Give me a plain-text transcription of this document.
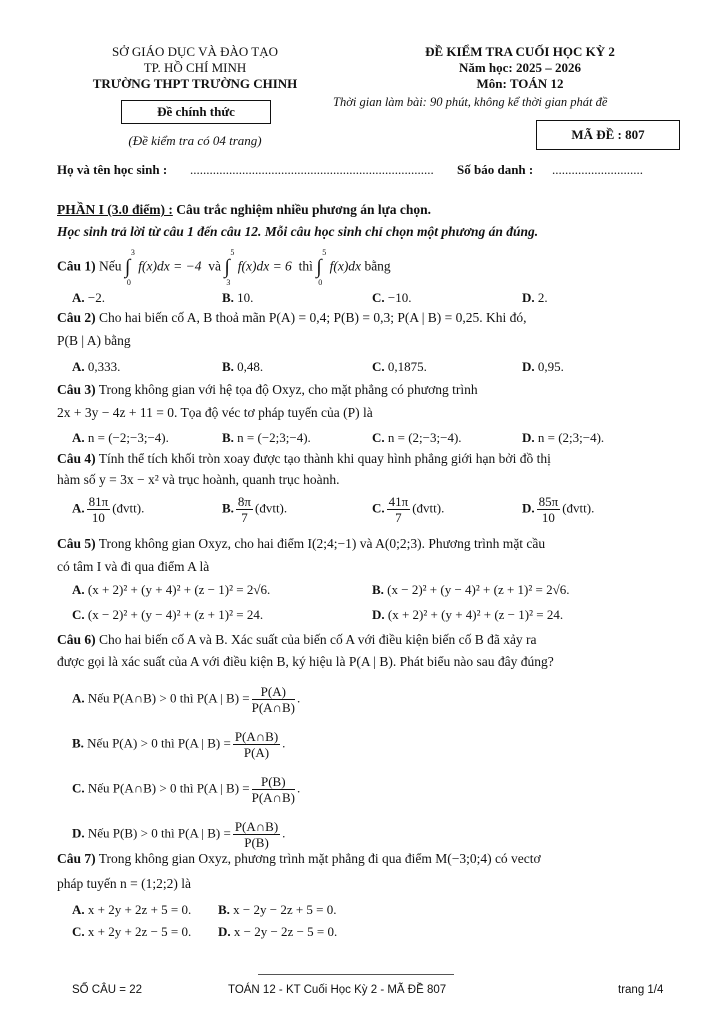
SỞ GIÁO DỤC VÀ ĐÀO TẠO
TP. HỒ CHÍ MINH
TRƯỜNG THPT TRƯỜNG CHINH
Đề chính thức
(Đề kiểm tra có 04 trang)
ĐỀ KIỂM TRA CUỐI HỌC KỲ 2
Năm học: 2025 – 2026
Môn: TOÁN 12
Thời gian làm bài: 90 phút, không kể thời gian phát đề
MÃ ĐỀ : 807
Họ và tên học sinh : ........................................................................... Số báo danh : ............................
PHẦN I (3.0 điểm) : Câu trắc nghiệm nhiều phương án lựa chọn.
Học sinh trả lời từ câu 1 đến câu 12. Mỗi câu học sinh chỉ chọn một phương án đúng.
Câu 1) Nếu ∫
3
0
f(x)dx = −4 và ∫
5
3
f(x)dx = 6 thì ∫
5
0
f(x)dx bằng
A. −2.	B. 10.	C. −10.	D. 2.
Câu 2) Cho hai biến cố A, B thoả mãn P(A) = 0,4; P(B) = 0,3; P(A | B) = 0,25. Khi đó,
P(B | A) bằng
A. 0,333.	B. 0,48.	C. 0,1875.	D. 0,95.
Câu 3) Trong không gian với hệ tọa độ Oxyz, cho mặt phẳng có phương trình
2x + 3y − 4z + 11 = 0. Tọa độ véc tơ pháp tuyến của (P) là
A. n = (−2;−3;−4).	B. n = (−2;3;−4).	C. n = (2;−3;−4).	D. n = (2;3;−4).
Câu 4) Tính thể tích khối tròn xoay được tạo thành khi quay hình phẳng giới hạn bởi đồ thị
hàm số y = 3x − x² và trục hoành, quanh trục hoành.
A. $\frac{81\pi}{10}$ (đvtt).	B. $\frac{8\pi}{7}$ (đvtt).	C. $\frac{41\pi}{7}$ (đvtt).	D. $\frac{85\pi}{10}$ (đvtt).
Câu 5) Trong không gian Oxyz, cho hai điểm I(2;4;−1) và A(0;2;3). Phương trình mặt cầu
có tâm I và đi qua điểm A là
A. (x + 2)² + (y + 4)² + (z − 1)² = 2√6.	B. (x − 2)² + (y − 4)² + (z + 1)² = 2√6.
C. (x − 2)² + (y − 4)² + (z + 1)² = 24.	D. (x + 2)² + (y + 4)² + (z − 1)² = 24.
Câu 6) Cho hai biến cố A và B. Xác suất của biến cố A với điều kiện biến cố B đã xảy ra
được gọi là xác suất của A với điều kiện B, ký hiệu là P(A | B). Phát biểu nào sau đây đúng?
A. Nếu P(A∩B) > 0 thì P(A | $B) = \frac{P(A)}{P(A\cap B)}$ .
B. Nếu P(A) > 0 thì P(A | $B) = \frac{P(A\cap B)}{P(A)}$ .
C. Nếu P(A∩B) > 0 thì P(A | $B) = \frac{P(B)}{P(A\cap B)}$ .
D. Nếu P(B) > 0 thì P(A | $B) = \frac{P(A\cap B)}{P(B)}$ .
Câu 7) Trong không gian Oxyz, phương trình mặt phẳng đi qua điểm M(−3;0;4) có vectơ
pháp tuyến n = (1;2;2) là
A. x + 2y + 2z + 5 = 0. B. x − 2y − 2z + 5 = 0.
C. x + 2y + 2z − 5 = 0. D. x − 2y − 2z − 5 = 0.
SỐ CÂU = 22	TOÁN 12 - KT Cuối Học Kỳ 2 - MÃ ĐỀ 807	trang 1/4
